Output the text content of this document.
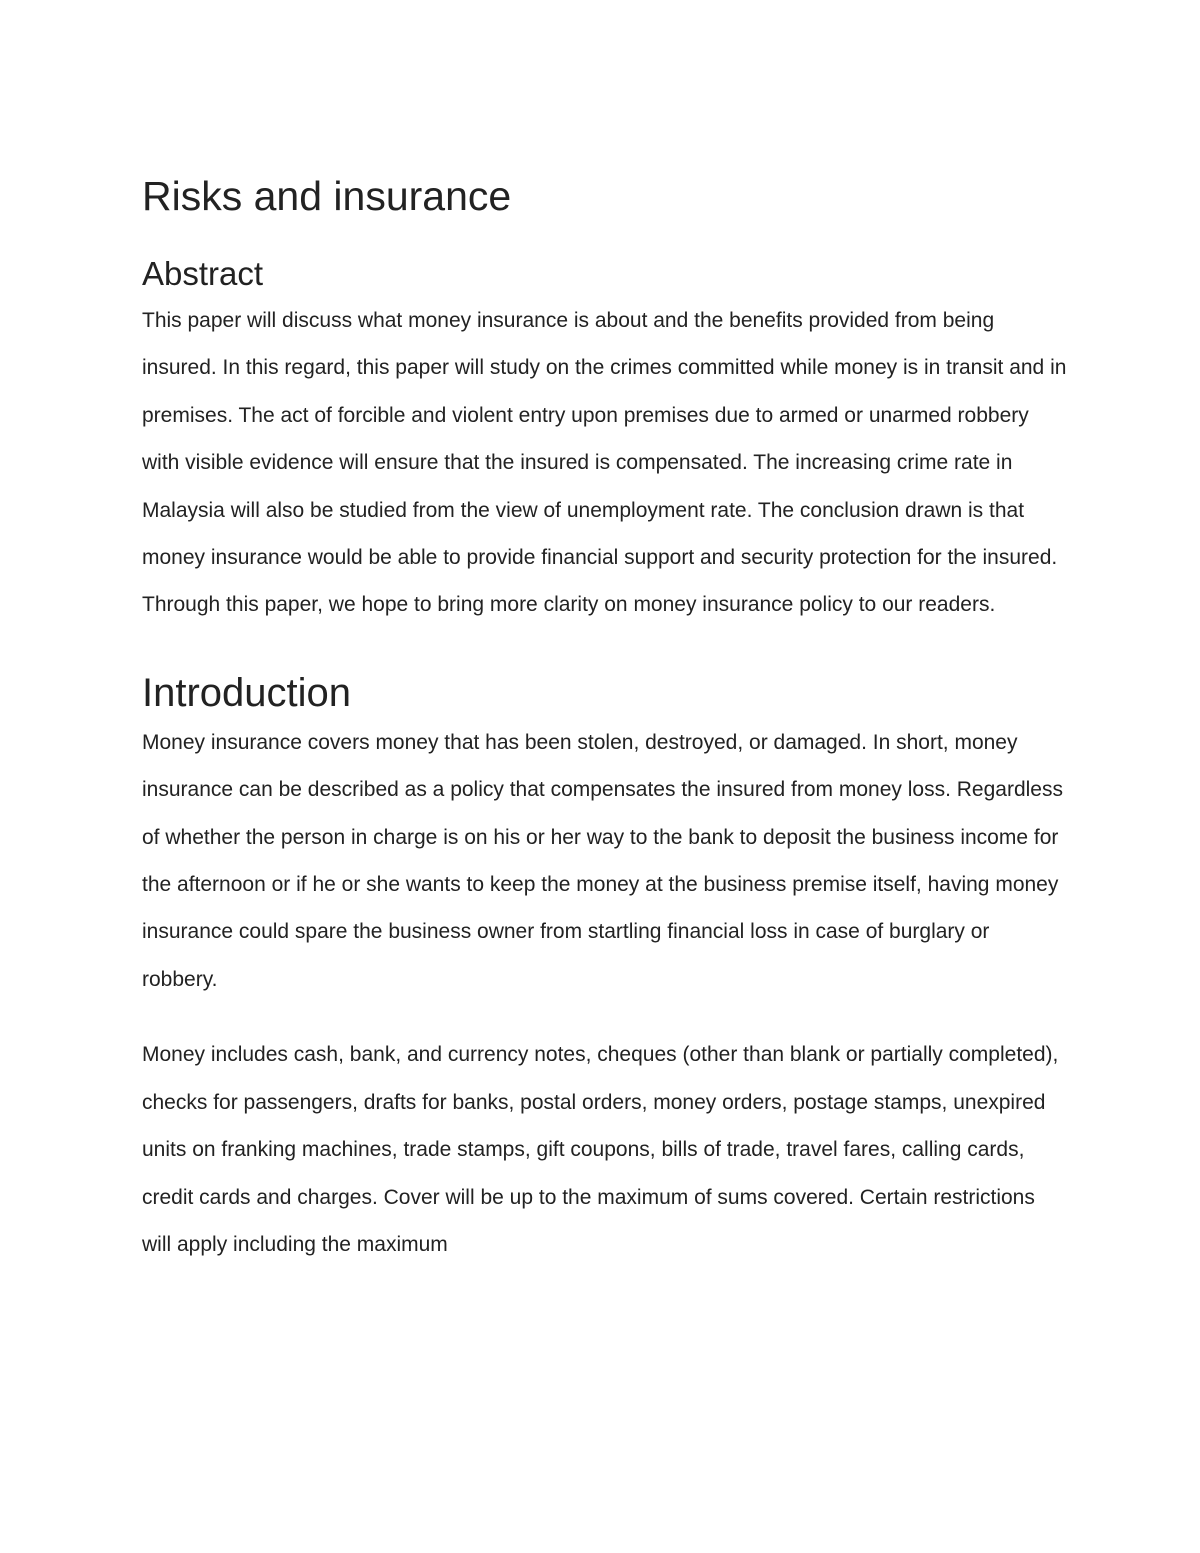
Risks and insurance
Abstract

This paper will discuss what money insurance is about and the benefits provided from being insured. In this regard, this paper will study on the crimes committed while money is in transit and in premises. The act of forcible and violent entry upon premises due to armed or unarmed robbery with visible evidence will ensure that the insured is compensated. The increasing crime rate in Malaysia will also be studied from the view of unemployment rate. The conclusion drawn is that money insurance would be able to provide financial support and security protection for the insured. Through this paper, we hope to bring more clarity on money insurance policy to our readers.

Introduction

Money insurance covers money that has been stolen, destroyed, or damaged. In short, money insurance can be described as a policy that compensates the insured from money loss. Regardless of whether the person in charge is on his or her way to the bank to deposit the business income for the afternoon or if he or she wants to keep the money at the business premise itself, having money insurance could spare the business owner from startling financial loss in case of burglary or robbery.

Money includes cash, bank, and currency notes, cheques (other than blank or partially completed), checks for passengers, drafts for banks, postal orders, money orders, postage stamps, unexpired units on franking machines, trade stamps, gift coupons, bills of trade, travel fares, calling cards, credit cards and charges. Cover will be up to the maximum of sums covered. Certain restrictions will apply including the maximum
